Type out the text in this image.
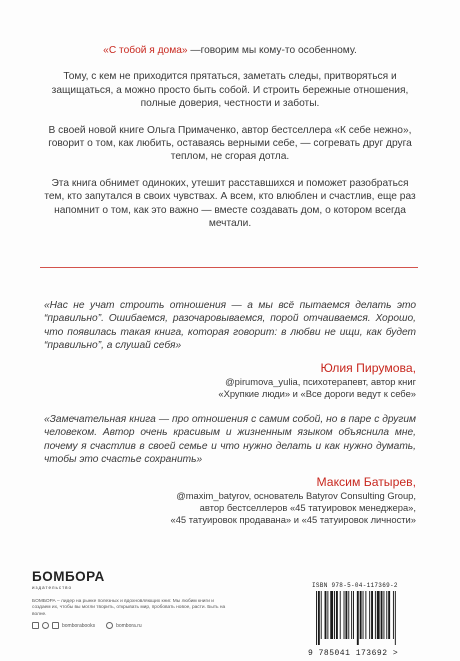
«С тобой я дома» —говорим мы кому-то особенному.

Тому, с кем не приходится прятаться, заметать следы, притворяться и защищаться, а можно просто быть собой. И строить бережные отношения, полные доверия, честности и заботы.

В своей новой книге Ольга Примаченко, автор бестселлера «К себе нежно», говорит о том, как любить, оставаясь верными себе, — согревать друг друга теплом, не сгорая дотла.

Эта книга обнимет одиноких, утешит расставшихся и поможет разобраться тем, кто запутался в своих чувствах. А всем, кто влюблен и счастлив, еще раз напомнит о том, как это важно — вместе создавать дом, о котором всегда мечтали.

«Нас не учат строить отношения — а мы всё пытаемся делать это “правильно”. Ошибаемся, разочаровываемся, порой отчаиваемся. Хорошо, что появилась такая книга, которая говорит: в любви не ищи, как будет “правильно”, а слушай себя»

Юлия Пирумова,

@pirumova_yulia, психотерапевт, автор книг

«Хрупкие люди» и «Все дороги ведут к себе»

«Замечательная книга — про отношения с самим собой, но в паре с другим человеком. Автор очень красивым и жизненным языком объяснила мне, почему я счастлив в своей семье и что нужно делать и как нужно думать, чтобы это счастье сохранить»

Максим Батырев,

@maxim_batyrov, основатель Batyrov Consulting Group,

автор бестселлеров «45 татуировок менеджера»,

«45 татуировок продавана» и «45 татуировок личности»

БОМБОРА
издательство
БОМБОРА – лидер на рынке полезных и вдохновляющих книг. Мы любим книги и создаем их, чтобы вы могли творить, открывать мир, пробовать новое, расти. Быть на волне.
bomborabooks	bombora.ru
ISBN 978-5-04-117369-2
9 785041 173692 >
